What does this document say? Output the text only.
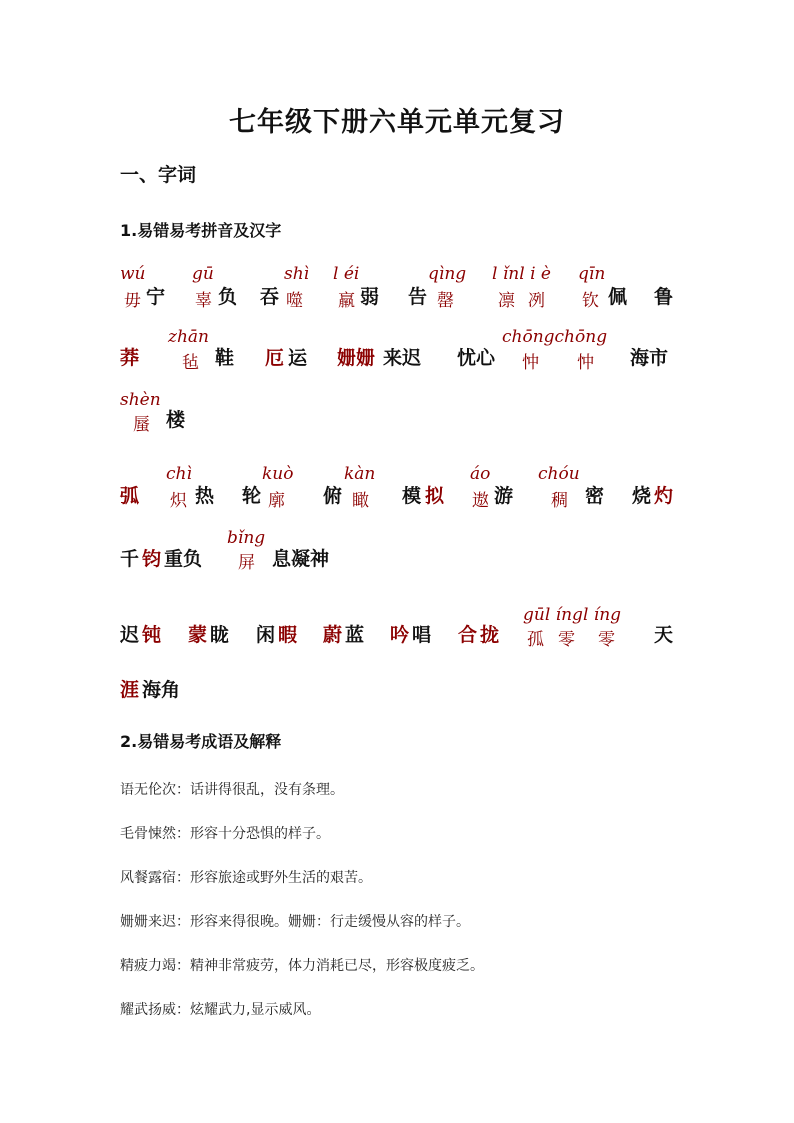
七年级下册六单元单元复习
一、字词
1.易错易考拼音及汉字
wú
毋 宁
gū
辜 负 吞
shì
噬
l éi
羸 弱 告
qìng
罄
l ǐnl i è
凛 冽
qīn
钦 佩 鲁
莽
zhān
毡 鞋 厄 运 姗姗 来迟 忧心
chōngchōng
忡 忡 海市
shèn
蜃 楼
弧
chì
炽 热 轮
kuò
廓 俯
kàn
瞰 模 拟
áo
遨 游
chóu
稠 密 烧 灼
千 钧 重负
bǐng
屏 息凝神
迟 钝 蒙 眬 闲 暇 蔚 蓝 吟 唱 合 拢
gūl íngl íng
孤 零 零 天
涯 海角
2.易错易考成语及解释
语无伦次：话讲得很乱，没有条理。
毛骨悚然：形容十分恐惧的样子。
风餐露宿：形容旅途或野外生活的艰苦。
姗姗来迟：形容来得很晚。姗姗：行走缓慢从容的样子。
精疲力竭：精神非常疲劳，体力消耗已尽，形容极度疲乏。
耀武扬威：炫耀武力,显示威风。
